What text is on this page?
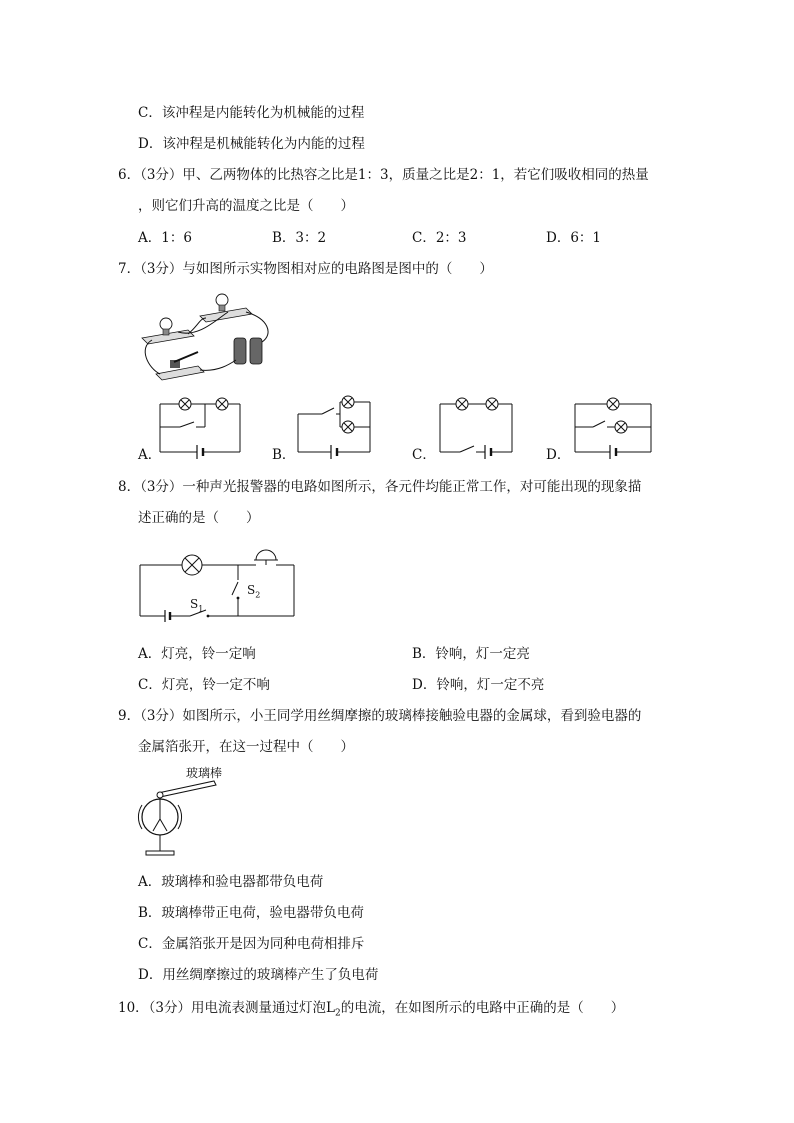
C．该冲程是内能转化为机械能的过程
D．该冲程是机械能转化为内能的过程
6．（3分）甲、乙两物体的比热容之比是1：3，质量之比是2：1，若它们吸收相同的热量
，则它们升高的温度之比是（　　）
A．1：6	B．3：2	C．2：3	D．6：1
7．（3分）与如图所示实物图相对应的电路图是图中的（　　）
A．	B．	C．	D．
8．（3分）一种声光报警器的电路如图所示，各元件均能正常工作，对可能出现的现象描
述正确的是（　　）
$S_1$
$S_2$
A．灯亮，铃一定响	B．铃响，灯一定亮
C．灯亮，铃一定不响	D．铃响，灯一定不亮
9．（3分）如图所示，小王同学用丝绸摩擦的玻璃棒接触验电器的金属球，看到验电器的
金属箔张开，在这一过程中（　　）
玻璃棒
A．玻璃棒和验电器都带负电荷
B．玻璃棒带正电荷，验电器带负电荷
C．金属箔张开是因为同种电荷相排斥
D．用丝绸摩擦过的玻璃棒产生了负电荷
10．（3分）用电流表测量通过灯泡$L_2$的电流，在如图所示的电路中正确的是（　　）
